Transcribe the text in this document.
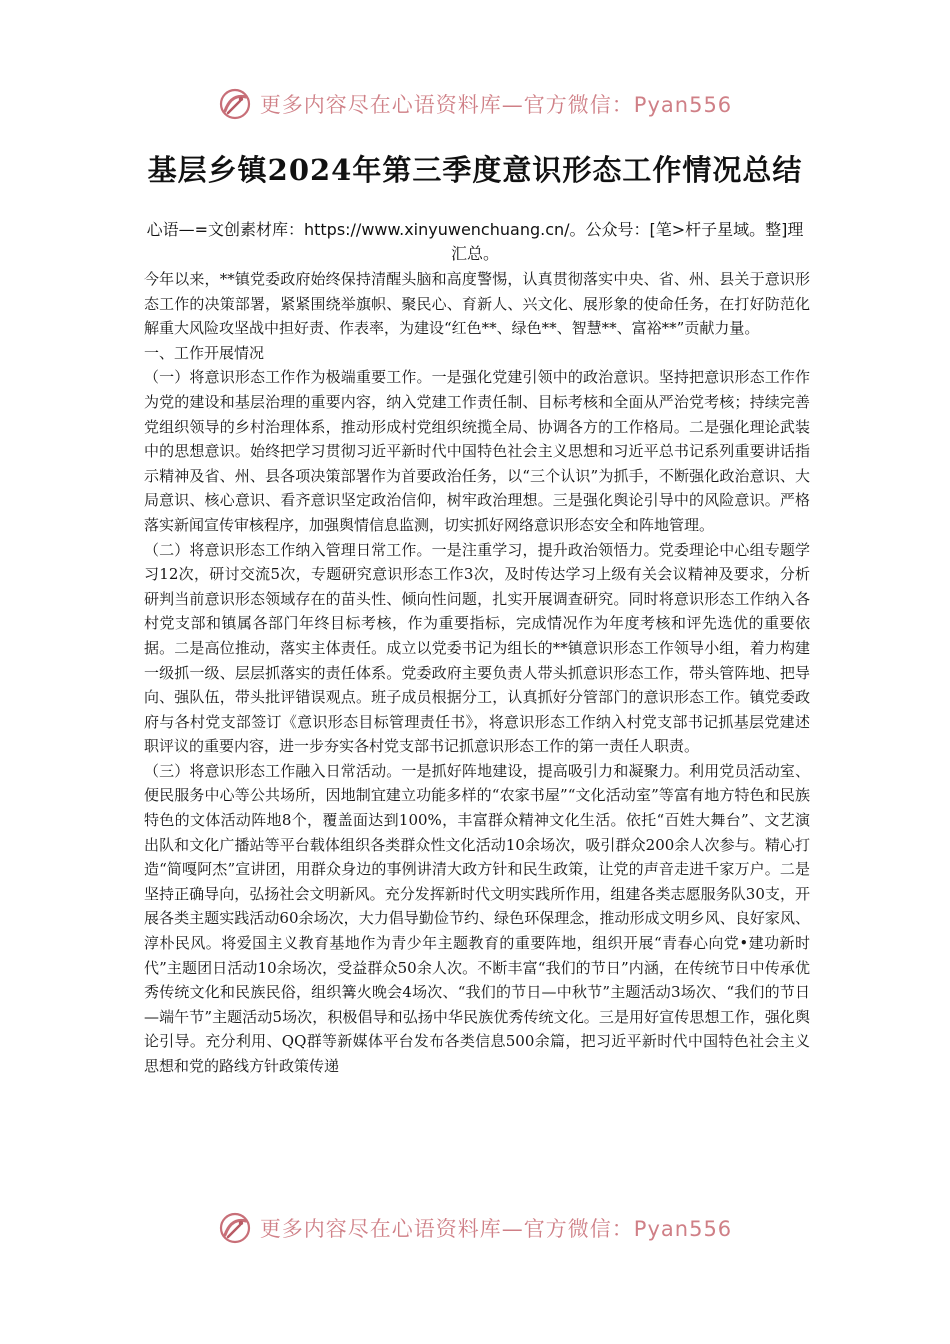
更多内容尽在心语资料库—官方微信：Pyan556
基层乡镇2024年第三季度意识形态工作情况总结

心语—=文创素材库：https://www.xinyuwenchuang.cn/。公众号：[笔>杆子星域。整]理汇总。

今年以来，**镇党委政府始终保持清醒头脑和高度警惕，认真贯彻落实中央、省、州、县关于意识形态工作的决策部署，紧紧围绕举旗帜、聚民心、育新人、兴文化、展形象的使命任务，在打好防范化解重大风险攻坚战中担好责、作表率，为建设“红色**、绿色**、智慧**、富裕**”贡献力量。

一、工作开展情况

（一）将意识形态工作作为极端重要工作。一是强化党建引领中的政治意识。坚持把意识形态工作作为党的建设和基层治理的重要内容，纳入党建工作责任制、目标考核和全面从严治党考核；持续完善党组织领导的乡村治理体系，推动形成村党组织统揽全局、协调各方的工作格局。二是强化理论武装中的思想意识。始终把学习贯彻习近平新时代中国特色社会主义思想和习近平总书记系列重要讲话指示精神及省、州、县各项决策部署作为首要政治任务，以“三个认识”为抓手，不断强化政治意识、大局意识、核心意识、看齐意识坚定政治信仰，树牢政治理想。三是强化舆论引导中的风险意识。严格落实新闻宣传审核程序，加强舆情信息监测，切实抓好网络意识形态安全和阵地管理。

（二）将意识形态工作纳入管理日常工作。一是注重学习，提升政治领悟力。党委理论中心组专题学习12次，研讨交流5次，专题研究意识形态工作3次，及时传达学习上级有关会议精神及要求，分析研判当前意识形态领域存在的苗头性、倾向性问题，扎实开展调查研究。同时将意识形态工作纳入各村党支部和镇属各部门年终目标考核，作为重要指标，完成情况作为年度考核和评先选优的重要依据。二是高位推动，落实主体责任。成立以党委书记为组长的**镇意识形态工作领导小组，着力构建一级抓一级、层层抓落实的责任体系。党委政府主要负责人带头抓意识形态工作，带头管阵地、把导向、强队伍，带头批评错误观点。班子成员根据分工，认真抓好分管部门的意识形态工作。镇党委政府与各村党支部签订《意识形态目标管理责任书》，将意识形态工作纳入村党支部书记抓基层党建述职评议的重要内容，进一步夯实各村党支部书记抓意识形态工作的第一责任人职责。

（三）将意识形态工作融入日常活动。一是抓好阵地建设，提高吸引力和凝聚力。利用党员活动室、便民服务中心等公共场所，因地制宜建立功能多样的“农家书屋”“文化活动室”等富有地方特色和民族特色的文体活动阵地8个，覆盖面达到100%，丰富群众精神文化生活。依托“百姓大舞台”、文艺演出队和文化广播站等平台载体组织各类群众性文化活动10余场次，吸引群众200余人次参与。精心打造“简嘎阿杰”宣讲团，用群众身边的事例讲清大政方针和民生政策，让党的声音走进千家万户。二是坚持正确导向，弘扬社会文明新风。充分发挥新时代文明实践所作用，组建各类志愿服务队30支，开展各类主题实践活动60余场次，大力倡导勤俭节约、绿色环保理念，推动形成文明乡风、良好家风、淳朴民风。将爱国主义教育基地作为青少年主题教育的重要阵地，组织开展“青春心向党•建功新时代”主题团日活动10余场次，受益群众50余人次。不断丰富“我们的节日”内涵，在传统节日中传承优秀传统文化和民族民俗，组织篝火晚会4场次、“我们的节日—中秋节”主题活动3场次、“我们的节日—端午节”主题活动5场次，积极倡导和弘扬中华民族优秀传统文化。三是用好宣传思想工作，强化舆论引导。充分利用、QQ群等新媒体平台发布各类信息500余篇，把习近平新时代中国特色社会主义思想和党的路线方针政策传递

更多内容尽在心语资料库—官方微信：Pyan556
